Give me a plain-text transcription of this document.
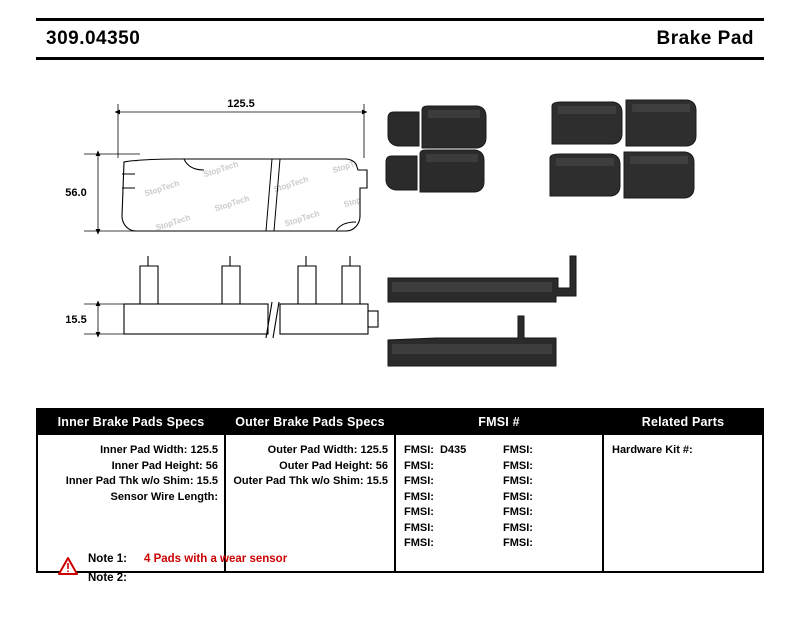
309.04350	Brake Pad
125.5
56.0
15.5
Inner Brake Pads Specs
Inner Pad Width: 125.5
Inner Pad Height: 56
Inner Pad Thk w/o Shim: 15.5
Sensor Wire Length:
Outer Brake Pads Specs
Outer Pad Width: 125.5
Outer Pad Height: 56
Outer Pad Thk w/o Shim: 15.5
FMSI #
FMSI: D435
FMSI:
FMSI:
FMSI:
FMSI:
FMSI:
FMSI:
FMSI:
FMSI:
FMSI:
FMSI:
FMSI:
FMSI:
FMSI:
Related Parts
Hardware Kit #:
Note 1:	4 Pads with a wear sensor
Note 2:
